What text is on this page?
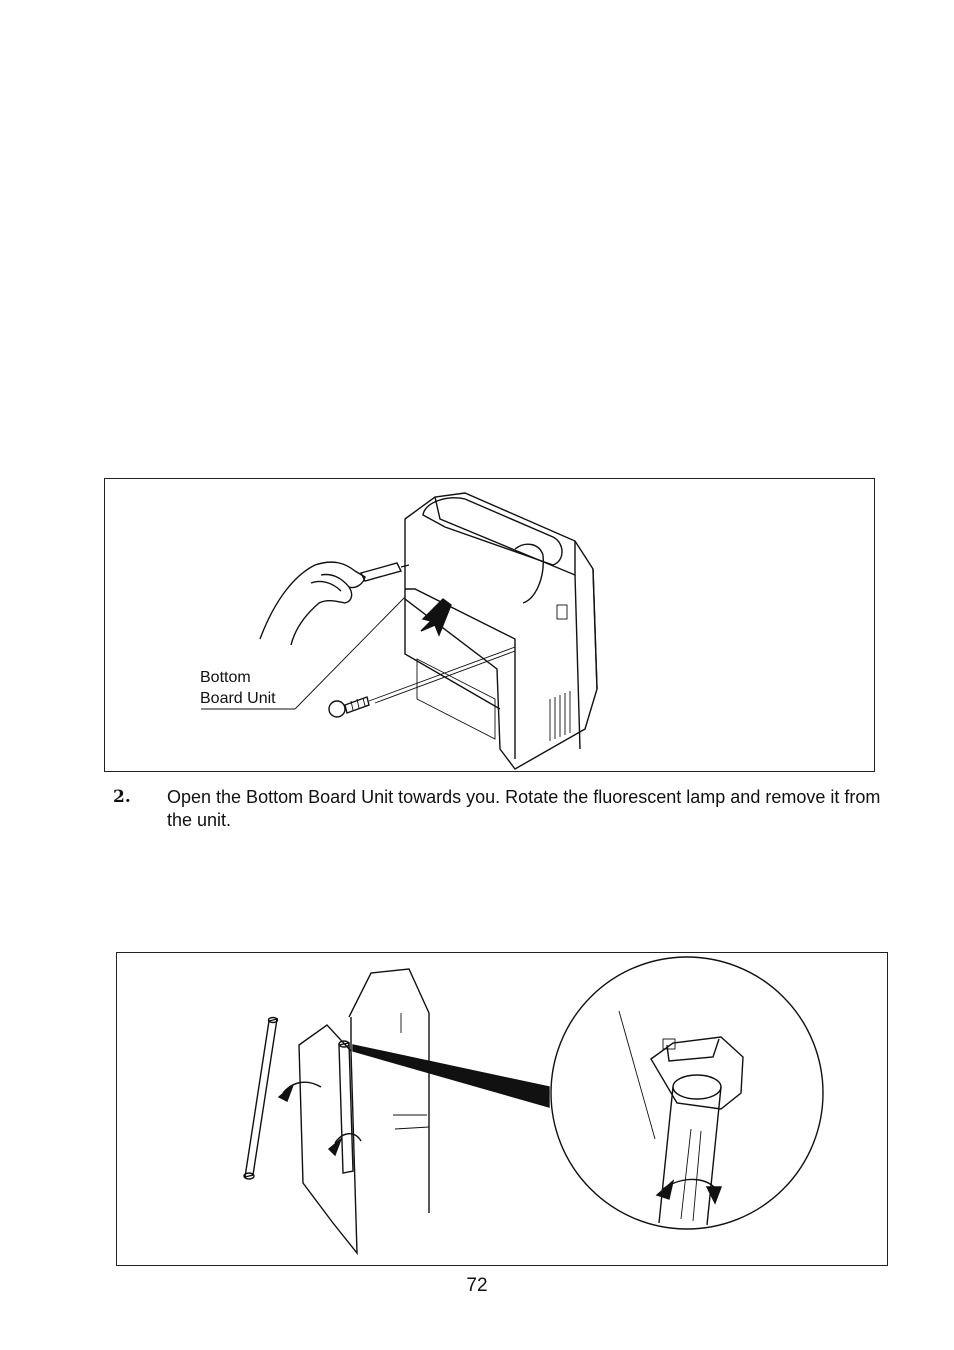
Bottom
Board Unit
2. Open the Bottom Board Unit towards you. Rotate the fluorescent lamp and remove it from the unit.
72
